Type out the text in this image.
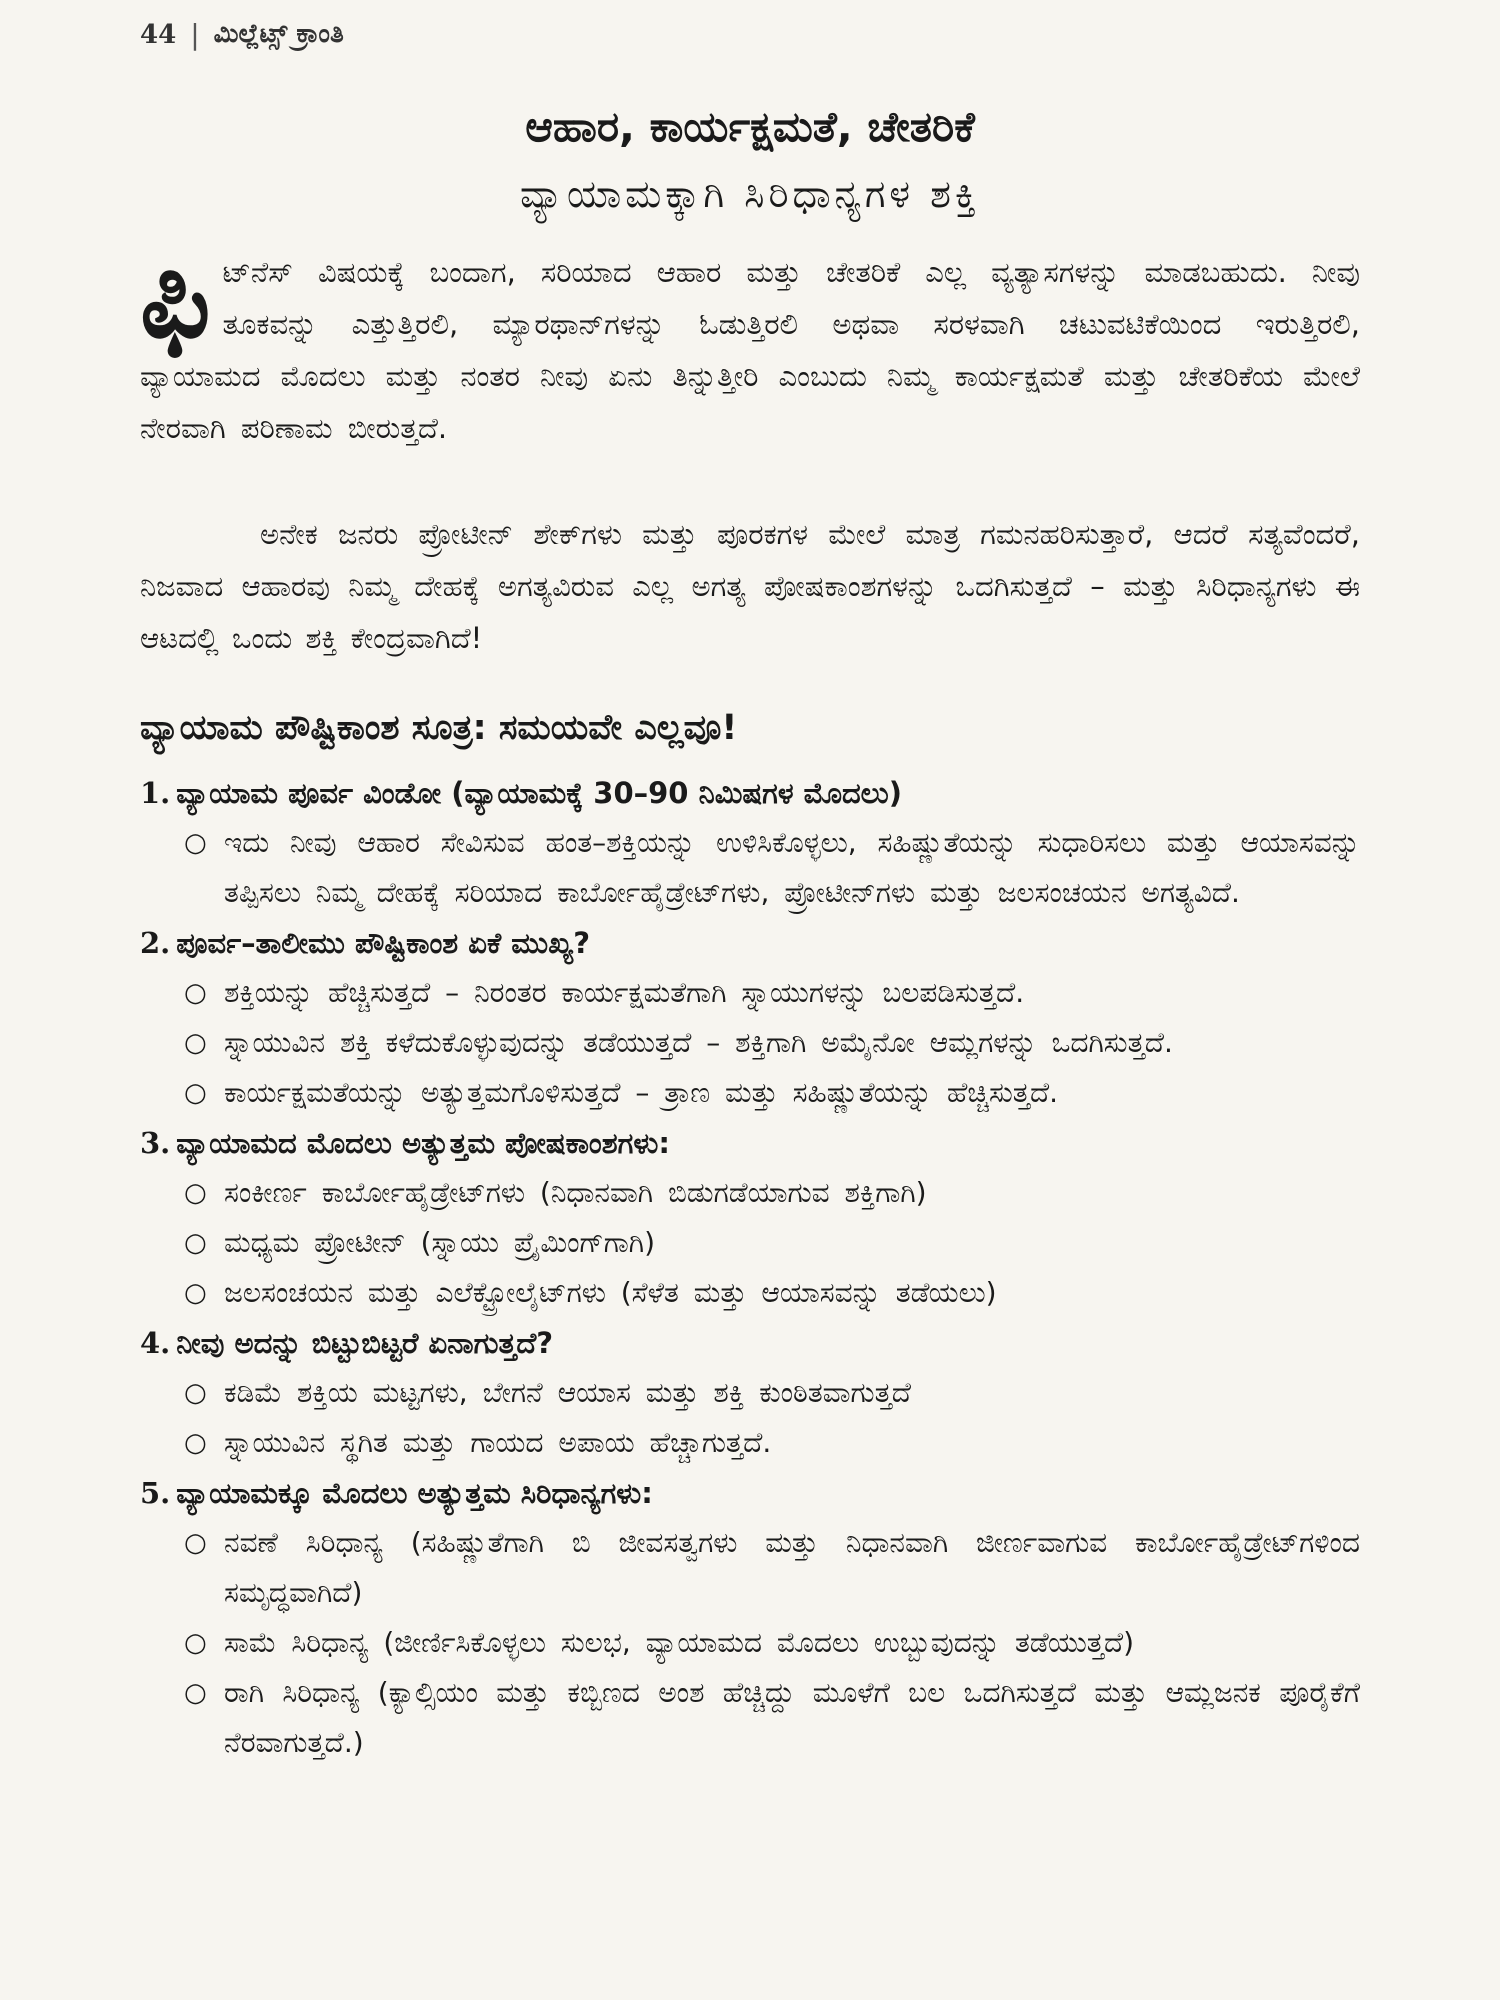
44 | ಮಿಲ್ಲೆಟ್ಸ್ ಕ್ರಾಂತಿ
ಆಹಾರ, ಕಾರ್ಯಕ್ಷಮತೆ, ಚೇತರಿಕೆ
ವ್ಯಾಯಾಮಕ್ಕಾಗಿ ಸಿರಿಧಾನ್ಯಗಳ ಶಕ್ತಿ
ಫಿ ಟ್‌ನೆಸ್ ವಿಷಯಕ್ಕೆ ಬಂದಾಗ, ಸರಿಯಾದ ಆಹಾರ ಮತ್ತು ಚೇತರಿಕೆ ಎಲ್ಲ ವ್ಯತ್ಯಾಸಗಳನ್ನು ಮಾಡಬಹುದು. ನೀವು ತೂಕವನ್ನು ಎತ್ತುತ್ತಿರಲಿ, ಮ್ಯಾರಥಾನ್‌ಗಳನ್ನು ಓಡುತ್ತಿರಲಿ ಅಥವಾ ಸರಳವಾಗಿ ಚಟುವಟಿಕೆಯಿಂದ ಇರುತ್ತಿರಲಿ, ವ್ಯಾಯಾಮದ ಮೊದಲು ಮತ್ತು ನಂತರ ನೀವು ಏನು ತಿನ್ನುತ್ತೀರಿ ಎಂಬುದು ನಿಮ್ಮ ಕಾರ್ಯಕ್ಷಮತೆ ಮತ್ತು ಚೇತರಿಕೆಯ ಮೇಲೆ ನೇರವಾಗಿ ಪರಿಣಾಮ ಬೀರುತ್ತದೆ.
ಅನೇಕ ಜನರು ಪ್ರೋಟೀನ್ ಶೇಕ್‌ಗಳು ಮತ್ತು ಪೂರಕಗಳ ಮೇಲೆ ಮಾತ್ರ ಗಮನಹರಿಸುತ್ತಾರೆ, ಆದರೆ ಸತ್ಯವೆಂದರೆ, ನಿಜವಾದ ಆಹಾರವು ನಿಮ್ಮ ದೇಹಕ್ಕೆ ಅಗತ್ಯವಿರುವ ಎಲ್ಲ ಅಗತ್ಯ ಪೋಷಕಾಂಶಗಳನ್ನು ಒದಗಿಸುತ್ತದೆ – ಮತ್ತು ಸಿರಿಧಾನ್ಯಗಳು ಈ ಆಟದಲ್ಲಿ ಒಂದು ಶಕ್ತಿ ಕೇಂದ್ರವಾಗಿದೆ!
ವ್ಯಾಯಾಮ ಪೌಷ್ಟಿಕಾಂಶ ಸೂತ್ರ: ಸಮಯವೇ ಎಲ್ಲವೂ!
1. ವ್ಯಾಯಾಮ ಪೂರ್ವ ವಿಂಡೋ (ವ್ಯಾಯಾಮಕ್ಕೆ 30–90 ನಿಮಿಷಗಳ ಮೊದಲು)
○ ಇದು ನೀವು ಆಹಾರ ಸೇವಿಸುವ ಹಂತ–ಶಕ್ತಿಯನ್ನು ಉಳಿಸಿಕೊಳ್ಳಲು, ಸಹಿಷ್ಣುತೆಯನ್ನು ಸುಧಾರಿಸಲು ಮತ್ತು ಆಯಾಸವನ್ನು ತಪ್ಪಿಸಲು ನಿಮ್ಮ ದೇಹಕ್ಕೆ ಸರಿಯಾದ ಕಾರ್ಬೋಹೈಡ್ರೇಟ್‌ಗಳು, ಪ್ರೋಟೀನ್‌ಗಳು ಮತ್ತು ಜಲಸಂಚಯನ ಅಗತ್ಯವಿದೆ.
2. ಪೂರ್ವ–ತಾಲೀಮು ಪೌಷ್ಟಿಕಾಂಶ ಏಕೆ ಮುಖ್ಯ?
○ ಶಕ್ತಿಯನ್ನು ಹೆಚ್ಚಿಸುತ್ತದೆ – ನಿರಂತರ ಕಾರ್ಯಕ್ಷಮತೆಗಾಗಿ ಸ್ನಾಯುಗಳನ್ನು ಬಲಪಡಿಸುತ್ತದೆ.
○ ಸ್ನಾಯುವಿನ ಶಕ್ತಿ ಕಳೆದುಕೊಳ್ಳುವುದನ್ನು ತಡೆಯುತ್ತದೆ – ಶಕ್ತಿಗಾಗಿ ಅಮೈನೋ ಆಮ್ಲಗಳನ್ನು ಒದಗಿಸುತ್ತದೆ.
○ ಕಾರ್ಯಕ್ಷಮತೆಯನ್ನು ಅತ್ಯುತ್ತಮಗೊಳಿಸುತ್ತದೆ – ತ್ರಾಣ ಮತ್ತು ಸಹಿಷ್ಣುತೆಯನ್ನು ಹೆಚ್ಚಿಸುತ್ತದೆ.
3. ವ್ಯಾಯಾಮದ ಮೊದಲು ಅತ್ಯುತ್ತಮ ಪೋಷಕಾಂಶಗಳು:
○ ಸಂಕೀರ್ಣ ಕಾರ್ಬೋಹೈಡ್ರೇಟ್‌ಗಳು (ನಿಧಾನವಾಗಿ ಬಿಡುಗಡೆಯಾಗುವ ಶಕ್ತಿಗಾಗಿ)
○ ಮಧ್ಯಮ ಪ್ರೋಟೀನ್ (ಸ್ನಾಯು ಪ್ರೈಮಿಂಗ್‌ಗಾಗಿ)
○ ಜಲಸಂಚಯನ ಮತ್ತು ಎಲೆಕ್ಟ್ರೋಲೈಟ್‌ಗಳು (ಸೆಳೆತ ಮತ್ತು ಆಯಾಸವನ್ನು ತಡೆಯಲು)
4. ನೀವು ಅದನ್ನು ಬಿಟ್ಟುಬಿಟ್ಟರೆ ಏನಾಗುತ್ತದೆ?
○ ಕಡಿಮೆ ಶಕ್ತಿಯ ಮಟ್ಟಗಳು, ಬೇಗನೆ ಆಯಾಸ ಮತ್ತು ಶಕ್ತಿ ಕುಂಠಿತವಾಗುತ್ತದೆ
○ ಸ್ನಾಯುವಿನ ಸ್ಥಗಿತ ಮತ್ತು ಗಾಯದ ಅಪಾಯ ಹೆಚ್ಚಾಗುತ್ತದೆ.
5. ವ್ಯಾಯಾಮಕ್ಕೂ ಮೊದಲು ಅತ್ಯುತ್ತಮ ಸಿರಿಧಾನ್ಯಗಳು:
○ ನವಣೆ ಸಿರಿಧಾನ್ಯ (ಸಹಿಷ್ಣುತೆಗಾಗಿ ಬಿ ಜೀವಸತ್ವಗಳು ಮತ್ತು ನಿಧಾನವಾಗಿ ಜೀರ್ಣವಾಗುವ ಕಾರ್ಬೋಹೈಡ್ರೇಟ್‌ಗಳಿಂದ ಸಮೃದ್ಧವಾಗಿದೆ)
○ ಸಾಮೆ ಸಿರಿಧಾನ್ಯ (ಜೀರ್ಣಿಸಿಕೊಳ್ಳಲು ಸುಲಭ, ವ್ಯಾಯಾಮದ ಮೊದಲು ಉಬ್ಬುವುದನ್ನು ತಡೆಯುತ್ತದೆ)
○ ರಾಗಿ ಸಿರಿಧಾನ್ಯ (ಕ್ಯಾಲ್ಸಿಯಂ ಮತ್ತು ಕಬ್ಬಿಣದ ಅಂಶ ಹೆಚ್ಚಿದ್ದು ಮೂಳೆಗೆ ಬಲ ಒದಗಿಸುತ್ತದೆ ಮತ್ತು ಆಮ್ಲಜನಕ ಪೂರೈಕೆಗೆ ನೆರವಾಗುತ್ತದೆ.)
